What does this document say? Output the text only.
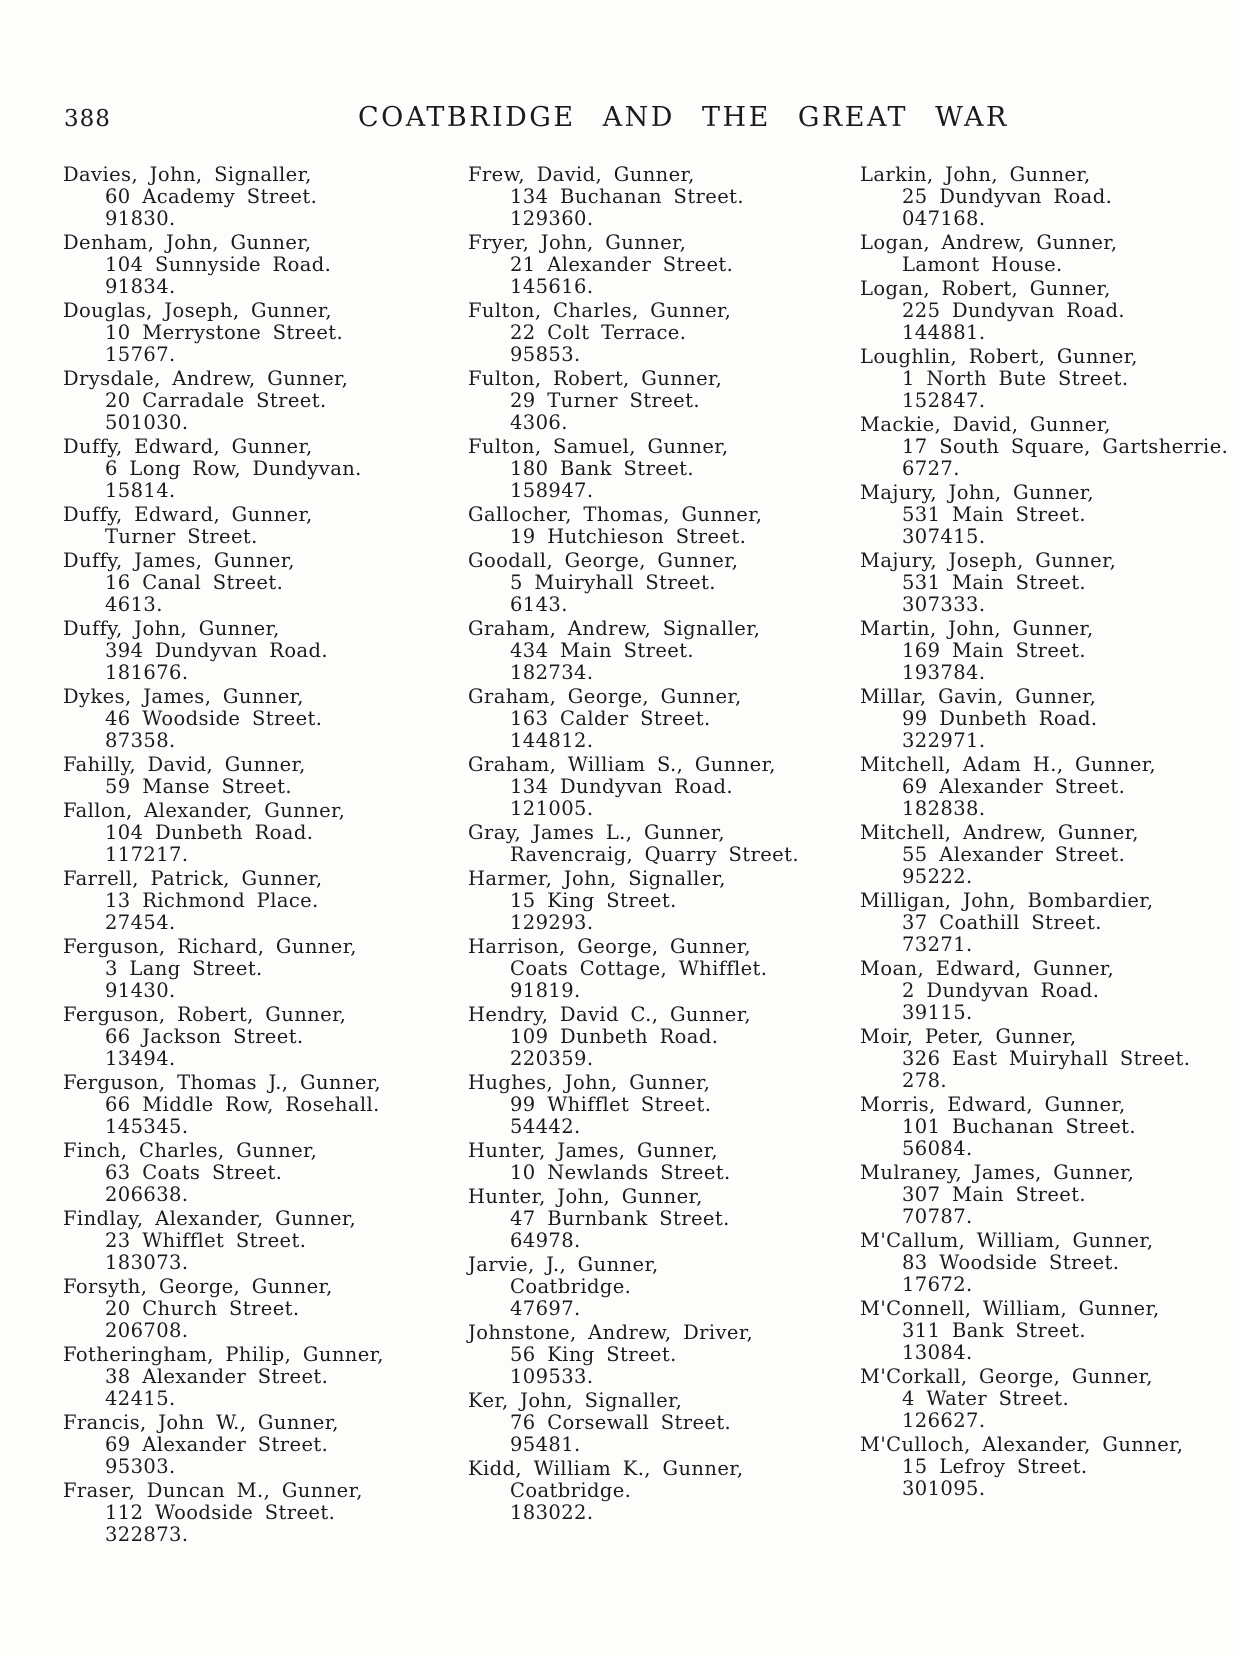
388	COATBRIDGE AND THE GREAT WAR
Davies, John, Signaller,
60 Academy Street.
91830.
Denham, John, Gunner,
104 Sunnyside Road.
91834.
Douglas, Joseph, Gunner,
10 Merrystone Street.
15767.
Drysdale, Andrew, Gunner,
20 Carradale Street.
501030.
Duffy, Edward, Gunner,
6 Long Row, Dundyvan.
15814.
Duffy, Edward, Gunner,
Turner Street.
Duffy, James, Gunner,
16 Canal Street.
4613.
Duffy, John, Gunner,
394 Dundyvan Road.
181676.
Dykes, James, Gunner,
46 Woodside Street.
87358.
Fahilly, David, Gunner,
59 Manse Street.
Fallon, Alexander, Gunner,
104 Dunbeth Road.
117217.
Farrell, Patrick, Gunner,
13 Richmond Place.
27454.
Ferguson, Richard, Gunner,
3 Lang Street.
91430.
Ferguson, Robert, Gunner,
66 Jackson Street.
13494.
Ferguson, Thomas J., Gunner,
66 Middle Row, Rosehall.
145345.
Finch, Charles, Gunner,
63 Coats Street.
206638.
Findlay, Alexander, Gunner,
23 Whifflet Street.
183073.
Forsyth, George, Gunner,
20 Church Street.
206708.
Fotheringham, Philip, Gunner,
38 Alexander Street.
42415.
Francis, John W., Gunner,
69 Alexander Street.
95303.
Fraser, Duncan M., Gunner,
112 Woodside Street.
322873.
Frew, David, Gunner,
134 Buchanan Street.
129360.
Fryer, John, Gunner,
21 Alexander Street.
145616.
Fulton, Charles, Gunner,
22 Colt Terrace.
95853.
Fulton, Robert, Gunner,
29 Turner Street.
4306.
Fulton, Samuel, Gunner,
180 Bank Street.
158947.
Gallocher, Thomas, Gunner,
19 Hutchieson Street.
Goodall, George, Gunner,
5 Muiryhall Street.
6143.
Graham, Andrew, Signaller,
434 Main Street.
182734.
Graham, George, Gunner,
163 Calder Street.
144812.
Graham, William S., Gunner,
134 Dundyvan Road.
121005.
Gray, James L., Gunner,
Ravencraig, Quarry Street.
Harmer, John, Signaller,
15 King Street.
129293.
Harrison, George, Gunner,
Coats Cottage, Whifflet.
91819.
Hendry, David C., Gunner,
109 Dunbeth Road.
220359.
Hughes, John, Gunner,
99 Whifflet Street.
54442.
Hunter, James, Gunner,
10 Newlands Street.
Hunter, John, Gunner,
47 Burnbank Street.
64978.
Jarvie, J., Gunner,
Coatbridge.
47697.
Johnstone, Andrew, Driver,
56 King Street.
109533.
Ker, John, Signaller,
76 Corsewall Street.
95481.
Kidd, William K., Gunner,
Coatbridge.
183022.
Larkin, John, Gunner,
25 Dundyvan Road.
047168.
Logan, Andrew, Gunner,
Lamont House.
Logan, Robert, Gunner,
225 Dundyvan Road.
144881.
Loughlin, Robert, Gunner,
1 North Bute Street.
152847.
Mackie, David, Gunner,
17 South Square, Gartsherrie.
6727.
Majury, John, Gunner,
531 Main Street.
307415.
Majury, Joseph, Gunner,
531 Main Street.
307333.
Martin, John, Gunner,
169 Main Street.
193784.
Millar, Gavin, Gunner,
99 Dunbeth Road.
322971.
Mitchell, Adam H., Gunner,
69 Alexander Street.
182838.
Mitchell, Andrew, Gunner,
55 Alexander Street.
95222.
Milligan, John, Bombardier,
37 Coathill Street.
73271.
Moan, Edward, Gunner,
2 Dundyvan Road.
39115.
Moir, Peter, Gunner,
326 East Muiryhall Street.
278.
Morris, Edward, Gunner,
101 Buchanan Street.
56084.
Mulraney, James, Gunner,
307 Main Street.
70787.
M'Callum, William, Gunner,
83 Woodside Street.
17672.
M'Connell, William, Gunner,
311 Bank Street.
13084.
M'Corkall, George, Gunner,
4 Water Street.
126627.
M'Culloch, Alexander, Gunner,
15 Lefroy Street.
301095.
